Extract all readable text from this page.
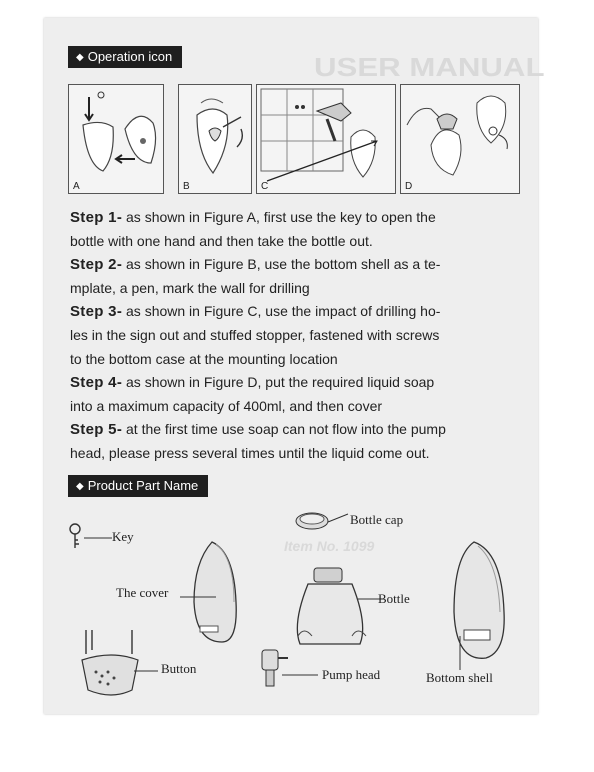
USER MANUAL
Item No. 1099
◆ Operation icon
A	B	C	D
Step 1- as shown in Figure A, first use the key to open the
bottle with one hand and then take the bottle out.
Step 2- as shown in Figure B, use the bottom shell as a te-
mplate, a pen, mark the wall for drilling
Step 3- as shown in Figure C, use the impact of drilling ho-
les in the sign out and stuffed stopper, fastened with screws
to the bottom case at the mounting location
Step 4- as shown in Figure D, put the required liquid soap
into a maximum capacity of 400ml, and then cover
Step 5- at the first time use soap can not flow into the pump
head, please press several times until the liquid come out.
◆ Product Part Name
Key
Bottle cap
The cover	Bottle
Button	Pump head	Bottom shell
